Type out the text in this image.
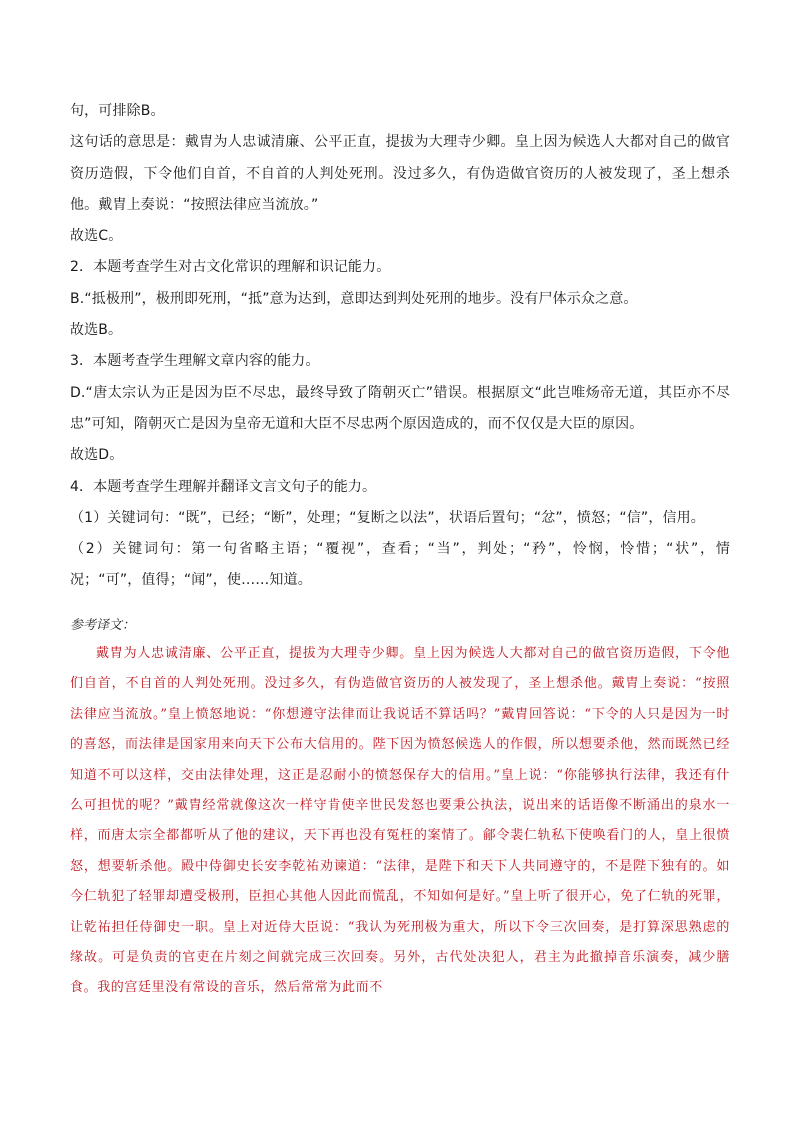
句，可排除B。

这句话的意思是：戴胄为人忠诚清廉、公平正直，提拔为大理寺少卿。皇上因为候选人大都对自己的做官资历造假，下令他们自首，不自首的人判处死刑。没过多久，有伪造做官资历的人被发现了，圣上想杀他。戴胄上奏说：“按照法律应当流放。”

故选C。

2．本题考查学生对古文化常识的理解和识记能力。

B.“抵极刑”，极刑即死刑，“抵”意为达到，意即达到判处死刑的地步。没有尸体示众之意。

故选B。

3．本题考查学生理解文章内容的能力。

D.“唐太宗认为正是因为臣不尽忠，最终导致了隋朝灭亡”错误。根据原文“此岂唯炀帝无道，其臣亦不尽忠”可知，隋朝灭亡是因为皇帝无道和大臣不尽忠两个原因造成的，而不仅仅是大臣的原因。

故选D。

4．本题考查学生理解并翻译文言文句子的能力。

（1）关键词句：“既”，已经；“断”，处理；“复断之以法”，状语后置句；“忿”，愤怒；“信”，信用。

（2）关键词句：第一句省略主语；“覆视”，查看；“当”，判处；“矜”，怜悯，怜惜；“状”，情况；“可”，值得；“闻”，使……知道。

参考译文：

戴胄为人忠诚清廉、公平正直，提拔为大理寺少卿。皇上因为候选人大都对自己的做官资历造假，下令他们自首，不自首的人判处死刑。没过多久，有伪造做官资历的人被发现了，圣上想杀他。戴胄上奏说：“按照法律应当流放。”皇上愤怒地说：“你想遵守法律而让我说话不算话吗？”戴胄回答说：“下令的人只是因为一时的喜怒，而法律是国家用来向天下公布大信用的。陛下因为愤怒候选人的作假，所以想要杀他，然而既然已经知道不可以这样，交由法律处理，这正是忍耐小的愤怒保存大的信用。”皇上说：“你能够执行法律，我还有什么可担忧的呢？”戴胄经常就像这次一样守肯使辛世民发怒也要秉公执法，说出来的话语像不断涌出的泉水一样，而唐太宗全都都听从了他的建议，天下再也没有冤枉的案情了。鄃令裴仁轨私下使唤看门的人，皇上很愤怒，想要斩杀他。殿中侍御史长安李乾祐劝谏道：“法律，是陛下和天下人共同遵守的，不是陛下独有的。如今仁轨犯了轻罪却遭受极刑，臣担心其他人因此而慌乱，不知如何是好。”皇上听了很开心，免了仁轨的死罪，让乾祐担任侍御史一职。皇上对近侍大臣说：“我认为死刑极为重大，所以下令三次回奏，是打算深思熟虑的缘故。可是负责的官吏在片刻之间就完成三次回奏。另外，古代处决犯人，君主为此撤掉音乐演奏，减少膳食。我的宫廷里没有常设的音乐，然后常常为此而不
